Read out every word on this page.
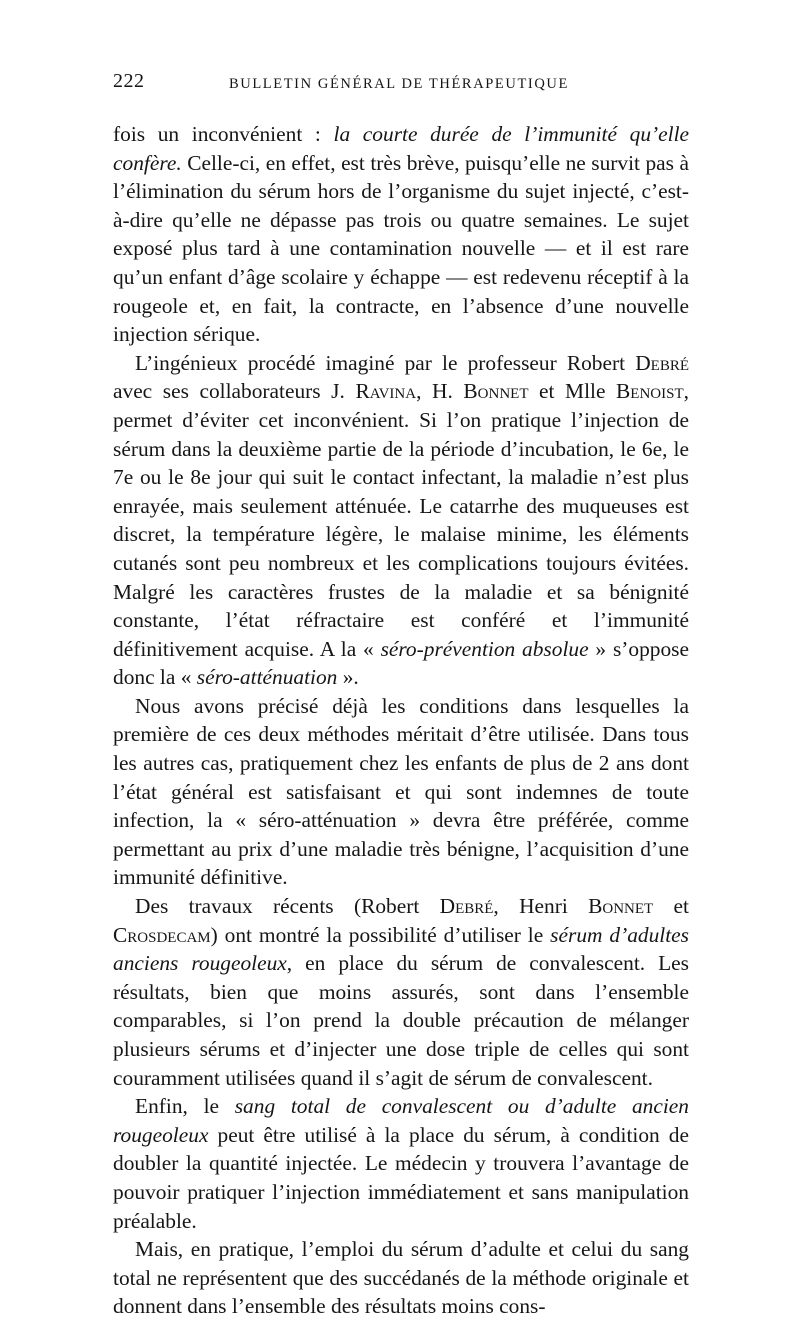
222	BULLETIN GÉNÉRAL DE THÉRAPEUTIQUE

fois un inconvénient : la courte durée de l’immunité qu’elle confère. Celle-ci, en effet, est très brève, puisqu’elle ne survit pas à l’élimination du sérum hors de l’organisme du sujet injecté, c’est-à-dire qu’elle ne dépasse pas trois ou quatre semaines. Le sujet exposé plus tard à une contamination nouvelle — et il est rare qu’un enfant d’âge scolaire y échappe — est redevenu réceptif à la rougeole et, en fait, la contracte, en l’absence d’une nouvelle injection sérique.

L’ingénieux procédé imaginé par le professeur Robert Debré avec ses collaborateurs J. Ravina, H. Bonnet et Mlle Benoist, permet d’éviter cet inconvénient. Si l’on pratique l’injection de sérum dans la deuxième partie de la période d’incubation, le 6e, le 7e ou le 8e jour qui suit le contact infectant, la maladie n’est plus enrayée, mais seulement atténuée. Le catarrhe des muqueuses est discret, la température légère, le malaise minime, les éléments cutanés sont peu nombreux et les complications toujours évitées. Malgré les caractères frustes de la maladie et sa bénignité constante, l’état réfractaire est conféré et l’immunité définitivement acquise. A la « séro-prévention absolue » s’oppose donc la « séro-atténuation ».

Nous avons précisé déjà les conditions dans lesquelles la première de ces deux méthodes méritait d’être utilisée. Dans tous les autres cas, pratiquement chez les enfants de plus de 2 ans dont l’état général est satisfaisant et qui sont indemnes de toute infection, la « séro-atténuation » devra être préférée, comme permettant au prix d’une maladie très bénigne, l’acquisition d’une immunité définitive.

Des travaux récents (Robert Debré, Henri Bonnet et Crosdecam) ont montré la possibilité d’utiliser le sérum d’adultes anciens rougeoleux, en place du sérum de convalescent. Les résultats, bien que moins assurés, sont dans l’ensemble comparables, si l’on prend la double précaution de mélanger plusieurs sérums et d’injecter une dose triple de celles qui sont couramment utilisées quand il s’agit de sérum de convalescent.

Enfin, le sang total de convalescent ou d’adulte ancien rougeoleux peut être utilisé à la place du sérum, à condition de doubler la quantité injectée. Le médecin y trouvera l’avantage de pouvoir pratiquer l’injection immédiatement et sans manipulation préalable.

Mais, en pratique, l’emploi du sérum d’adulte et celui du sang total ne représentent que des succédanés de la méthode originale et donnent dans l’ensemble des résultats moins cons-
